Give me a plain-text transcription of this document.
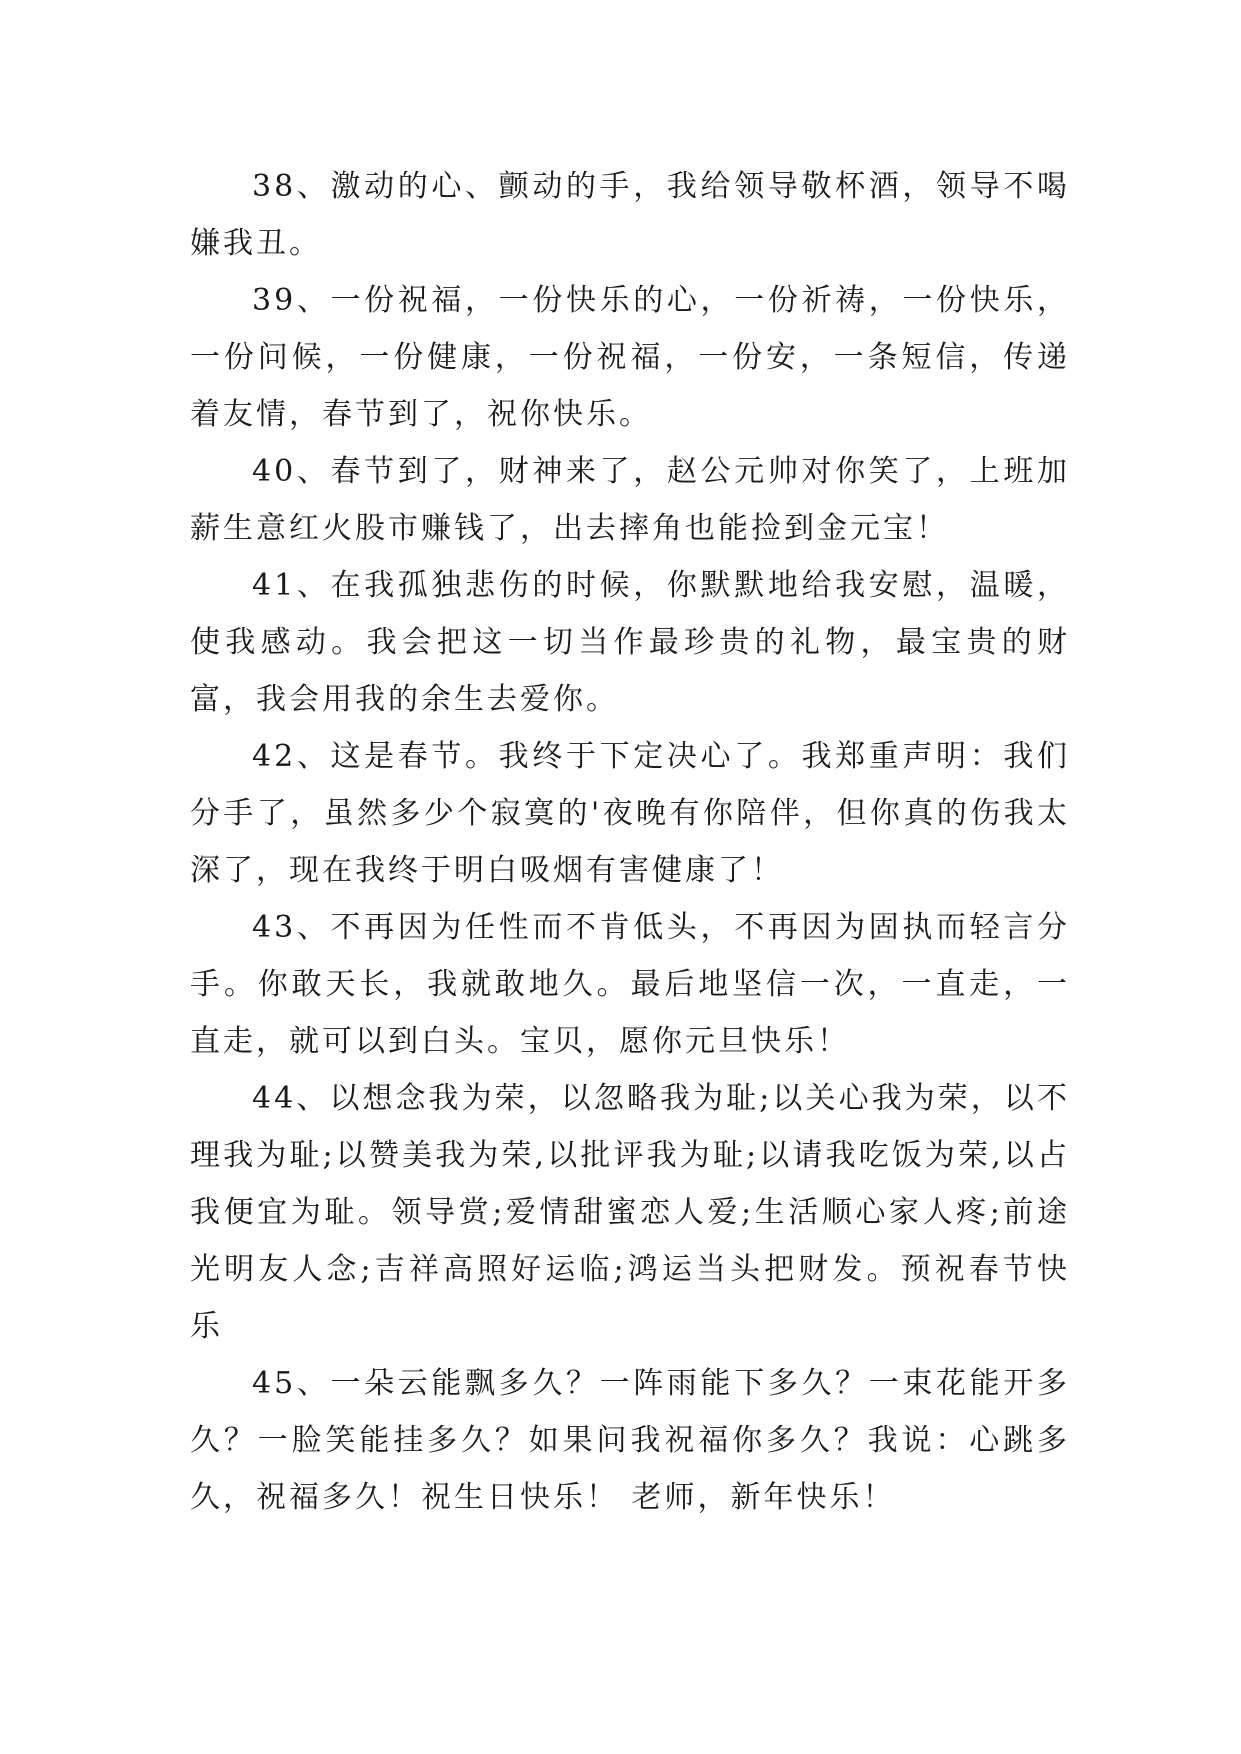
38、激动的心、颤动的手，我给领导敬杯酒，领导不喝嫌我丑。

39、一份祝福，一份快乐的心，一份祈祷，一份快乐，一份问候，一份健康，一份祝福，一份安，一条短信，传递着友情，春节到了，祝你快乐。

40、春节到了，财神来了，赵公元帅对你笑了，上班加薪生意红火股市赚钱了，出去摔角也能捡到金元宝！

41、在我孤独悲伤的时候，你默默地给我安慰，温暖，使我感动。我会把这一切当作最珍贵的礼物，最宝贵的财富，我会用我的余生去爱你。

42、这是春节。我终于下定决心了。我郑重声明：我们分手了，虽然多少个寂寞的'夜晚有你陪伴，但你真的伤我太深了，现在我终于明白吸烟有害健康了！

43、不再因为任性而不肯低头，不再因为固执而轻言分手。你敢天长，我就敢地久。最后地坚信一次，一直走，一直走，就可以到白头。宝贝，愿你元旦快乐！

44、以想念我为荣，以忽略我为耻;以关心我为荣，以不理我为耻;以赞美我为荣,以批评我为耻;以请我吃饭为荣,以占我便宜为耻。领导赏;爱情甜蜜恋人爱;生活顺心家人疼;前途光明友人念;吉祥高照好运临;鸿运当头把财发。预祝春节快乐

45、一朵云能飘多久？一阵雨能下多久？一束花能开多久？一脸笑能挂多久？如果问我祝福你多久？我说：心跳多久，祝福多久！祝生日快乐！ 老师，新年快乐！
